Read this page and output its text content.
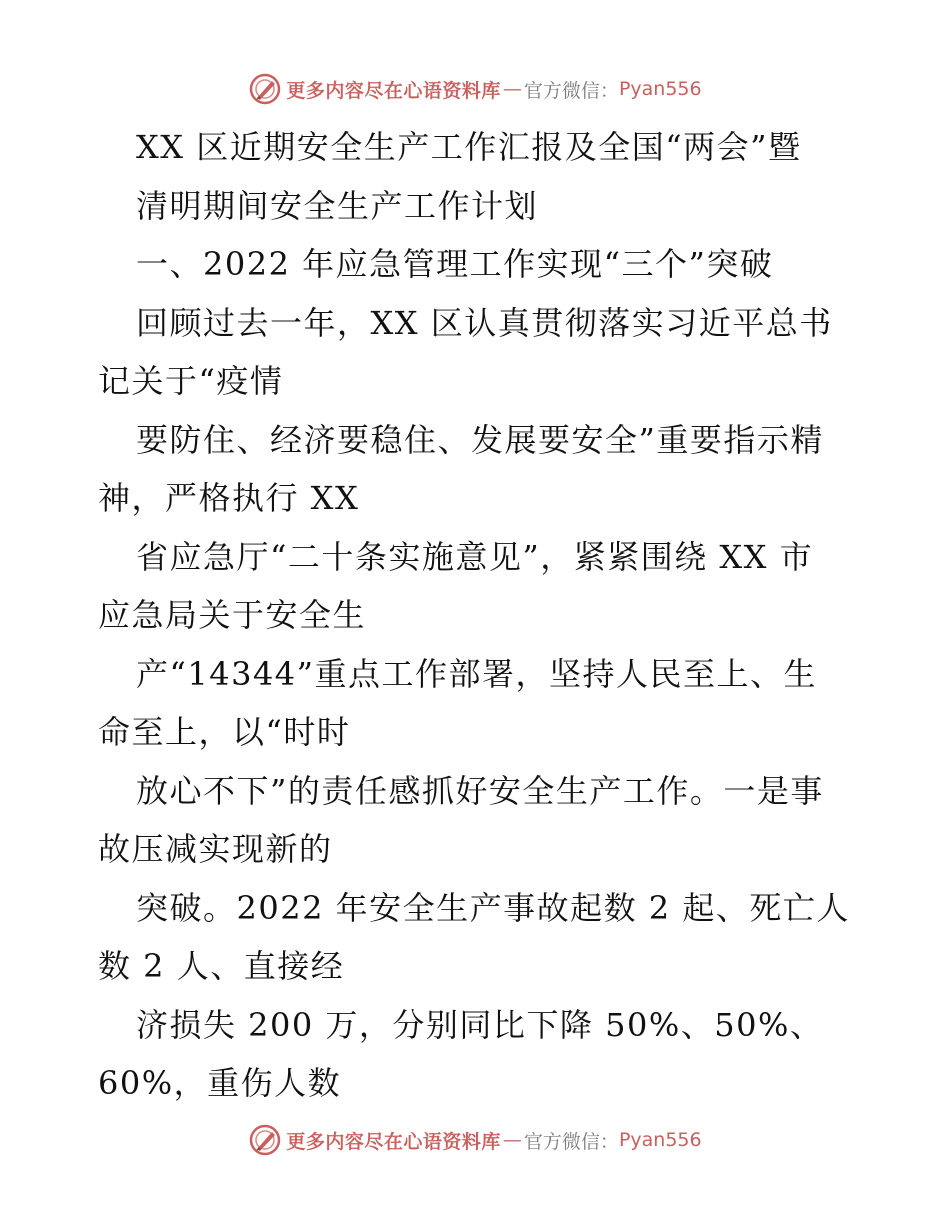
更多内容尽在心语资料库 — 官方微信： Pyan556
XX 区近期安全生产工作汇报及全国“两会”暨
清明期间安全生产工作计划
一、2022 年应急管理工作实现“三个”突破
回顾过去一年，XX 区认真贯彻落实习近平总书
记关于“疫情
要防住、经济要稳住、发展要安全”重要指示精
神，严格执行 XX
省应急厅“二十条实施意见”，紧紧围绕 XX 市
应急局关于安全生
产“14344”重点工作部署，坚持人民至上、生
命至上，以“时时
放心不下”的责任感抓好安全生产工作。一是事
故压减实现新的
突破。2022 年安全生产事故起数 2 起、死亡人
数 2 人、直接经
济损失 200 万，分别同比下降 50%、50%、
60%，重伤人数
更多内容尽在心语资料库 — 官方微信： Pyan556
